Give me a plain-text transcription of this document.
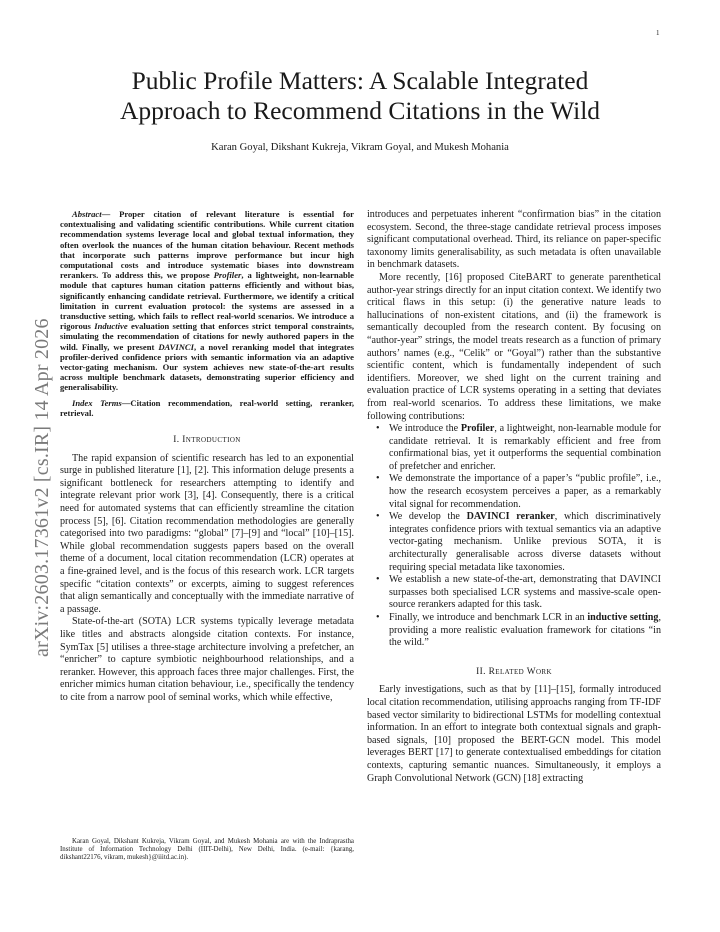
1
arXiv:2603.17361v2 [cs.IR] 14 Apr 2026
Public Profile Matters: A Scalable Integrated
Approach to Recommend Citations in the Wild
Karan Goyal, Dikshant Kukreja, Vikram Goyal, and Mukesh Mohania

Abstract— Proper citation of relevant literature is essential for contextualising and validating scientific contributions. While current citation recommendation systems leverage local and global textual information, they often overlook the nuances of the human citation behaviour. Recent methods that incorporate such patterns improve performance but incur high computational costs and introduce systematic biases into downstream rerankers. To address this, we propose Profiler, a lightweight, non-learnable module that captures human citation patterns efficiently and without bias, significantly enhancing candidate retrieval. Furthermore, we identify a critical limitation in current evaluation protocol: the systems are assessed in a transductive setting, which fails to reflect real-world scenarios. We introduce a rigorous Inductive evaluation setting that enforces strict temporal constraints, simulating the recommendation of citations for newly authored papers in the wild. Finally, we present DAVINCI, a novel reranking model that integrates profiler-derived confidence priors with semantic information via an adaptive vector-gating mechanism. Our system achieves new state-of-the-art results across multiple benchmark datasets, demonstrating superior efficiency and generalisability.

Index Terms—Citation recommendation, real-world setting, reranker, retrieval.

I. Introduction

The rapid expansion of scientific research has led to an exponential surge in published literature [1], [2]. This information deluge presents a significant bottleneck for researchers attempting to identify and integrate relevant prior work [3], [4]. Consequently, there is a critical need for automated systems that can efficiently streamline the citation process [5], [6]. Citation recommendation methodologies are generally categorised into two paradigms: “global” [7]–[9] and “local” [10]–[15]. While global recommendation suggests papers based on the overall theme of a document, local citation recommendation (LCR) operates at a fine-grained level, and is the focus of this research work. LCR targets specific “citation contexts” or excerpts, aiming to suggest references that align semantically and conceptually with the immediate narrative of a passage.

State-of-the-art (SOTA) LCR systems typically leverage metadata like titles and abstracts alongside citation contexts. For instance, SymTax [5] utilises a three-stage architecture involving a prefetcher, an “enricher” to capture symbiotic neighbourhood relationships, and a reranker. However, this approach faces three major challenges. First, the enricher mimics human citation behaviour, i.e., specifically the tendency to cite from a narrow pool of seminal works, which while effective,

introduces and perpetuates inherent “confirmation bias” in the citation ecosystem. Second, the three-stage candidate retrieval process imposes significant computational overhead. Third, its reliance on paper-specific taxonomy limits generalisability, as such metadata is often unavailable in benchmark datasets.

More recently, [16] proposed CiteBART to generate parenthetical author-year strings directly for an input citation context. We identify two critical flaws in this setup: (i) the generative nature leads to hallucinations of non-existent citations, and (ii) the framework is semantically decoupled from the research content. By focusing on “author-year” strings, the model treats research as a function of primary authors’ names (e.g., “Celik” or “Goyal”) rather than the substantive scientific content, which is fundamentally independent of such identifiers. Moreover, we shed light on the current training and evaluation practice of LCR systems operating in a setting that deviates from real-world scenarios. To address these limitations, we make following contributions:

• We introduce the Profiler, a lightweight, non-learnable module for candidate retrieval. It is remarkably efficient and free from confirmational bias, yet it outperforms the sequential combination of prefetcher and enricher.
• We demonstrate the importance of a paper’s “public profile”, i.e., how the research ecosystem perceives a paper, as a remarkably vital signal for recommendation.
• We develop the DAVINCI reranker, which discriminatively integrates confidence priors with textual semantics via an adaptive vector-gating mechanism. Unlike previous SOTA, it is architecturally generalisable across diverse datasets without requiring special metadata like taxonomies.
• We establish a new state-of-the-art, demonstrating that DAVINCI surpasses both specialised LCR systems and massive-scale open-source rerankers adapted for this task.
• Finally, we introduce and benchmark LCR in an inductive setting, providing a more realistic evaluation framework for citations “in the wild.”
II. Related Work

Early investigations, such as that by [11]–[15], formally introduced local citation recommendation, utilising approachs ranging from TF-IDF based vector similarity to bidirectional LSTMs for modelling contextual information. In an effort to integrate both contextual signals and graph-based signals, [10] proposed the BERT-GCN model. This model leverages BERT [17] to generate contextualised embeddings for citation contexts, capturing semantic nuances. Simultaneously, it employs a Graph Convolutional Network (GCN) [18] extracting

Karan Goyal, Dikshant Kukreja, Vikram Goyal, and Mukesh Mohania are with the Indraprastha Institute of Information Technology Delhi (IIIT-Delhi), New Delhi, India. (e-mail: {karang, dikshant22176, vikram, mukesh}@iiitd.ac.in).
